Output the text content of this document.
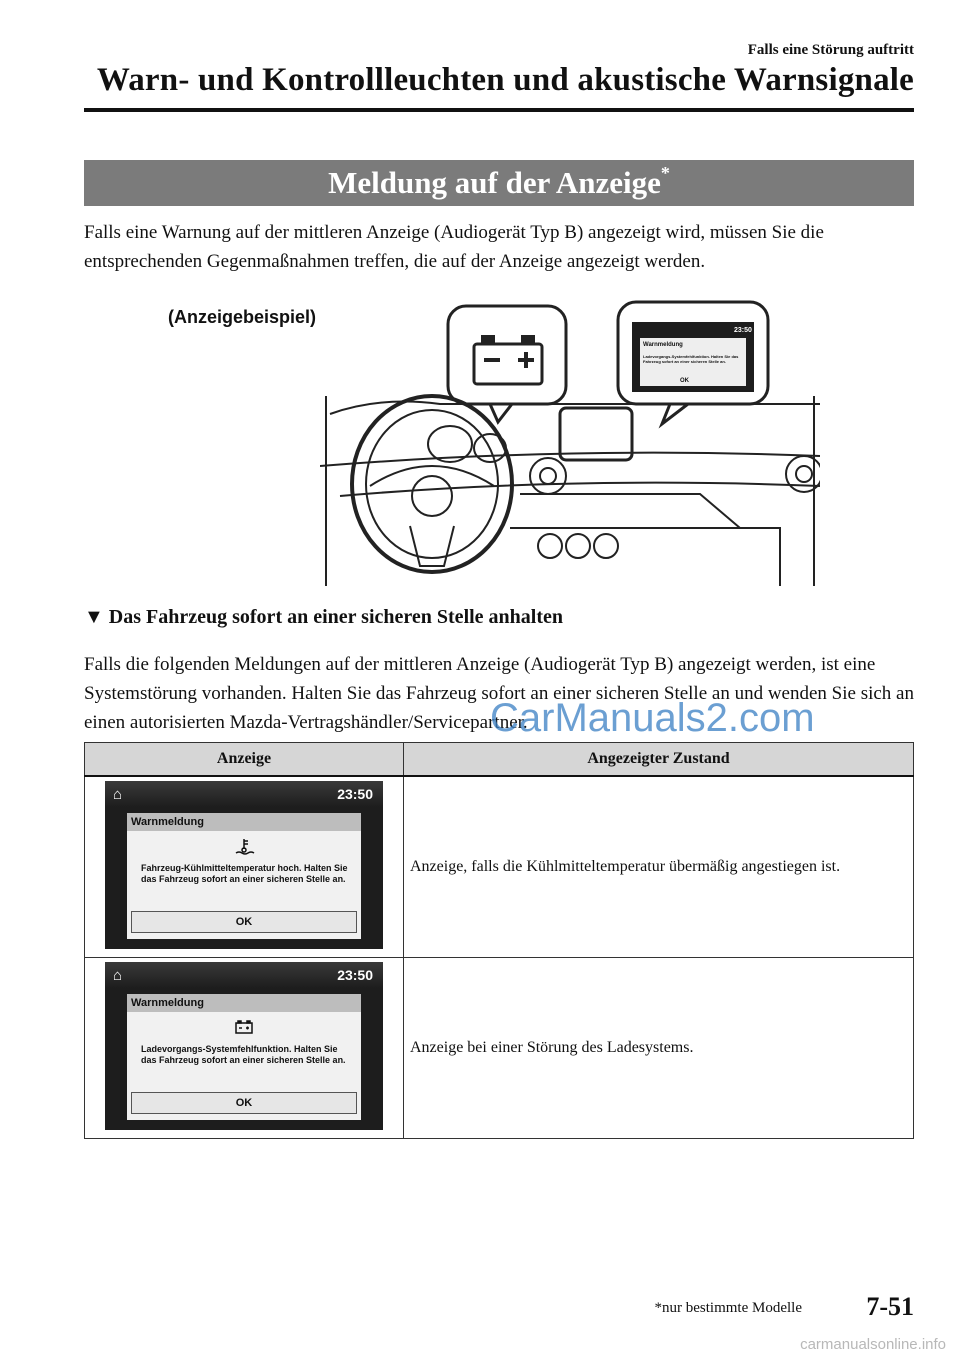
Falls eine Störung auftritt
Warn- und Kontrollleuchten und akustische Warnsignale
Meldung auf der Anzeige*
Falls eine Warnung auf der mittleren Anzeige (Audiogerät Typ B) angezeigt wird, müssen Sie die entsprechenden Gegenmaßnahmen treffen, die auf der Anzeige angezeigt werden.
(Anzeigebeispiel)
23:50
Warnmeldung
OK
Ladevorgangs-Systemfehlfunktion. Halten Sie das Fahrzeug sofort an einer sicheren Stelle an.
▼ Das Fahrzeug sofort an einer sicheren Stelle anhalten
Falls die folgenden Meldungen auf der mittleren Anzeige (Audiogerät Typ B) angezeigt werden, ist eine Systemstörung vorhanden. Halten Sie das Fahrzeug sofort an einer sicheren Stelle an und wenden Sie sich an einen autorisierten Mazda-Vertragshändler/Servicepartner.
Anzeige	Angezeigter Zustand

⌂ 23:50
Warnmeldung
Fahrzeug-Kühlmitteltemperatur hoch. Halten Sie das Fahrzeug sofort an einer sicheren Stelle an.
OK	Anzeige, falls die Kühlmitteltemperatur übermäßig angestiegen ist.

⌂ 23:50
Warnmeldung
Ladevorgangs-Systemfehlfunktion. Halten Sie das Fahrzeug sofort an einer sicheren Stelle an.
OK	Anzeige bei einer Störung des Ladesystems.
CarManuals2.com
*nur bestimmte Modelle 7-51
carmanualsonline.info
